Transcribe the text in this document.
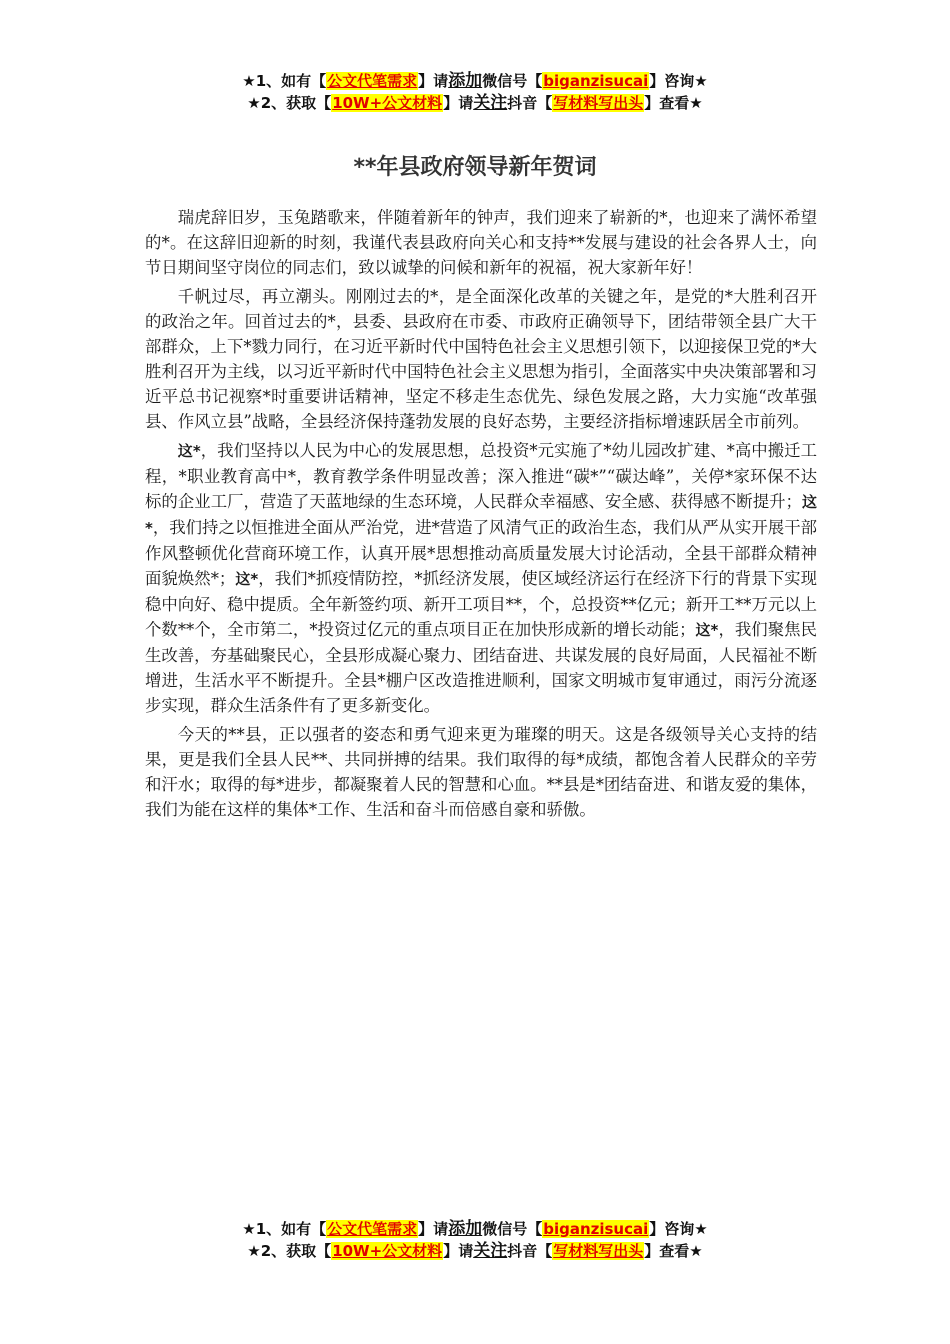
★1、如有【公文代笔需求】请添加微信号【biganzisucai】咨询★
★2、获取【10W+公文材料】请关注抖音【写材料写出头】查看★
**年县政府领导新年贺词

瑞虎辞旧岁，玉兔踏歌来，伴随着新年的钟声，我们迎来了崭新的*，也迎来了满怀希望的*。在这辞旧迎新的时刻，我谨代表县政府向关心和支持**发展与建设的社会各界人士，向节日期间坚守岗位的同志们，致以诚挚的问候和新年的祝福，祝大家新年好！

千帆过尽，再立潮头。刚刚过去的*，是全面深化改革的关键之年，是党的*大胜利召开的政治之年。回首过去的*，县委、县政府在市委、市政府正确领导下，团结带领全县广大干部群众，上下*戮力同行，在习近平新时代中国特色社会主义思想引领下，以迎接保卫党的*大胜利召开为主线，以习近平新时代中国特色社会主义思想为指引，全面落实中央决策部署和习近平总书记视察*时重要讲话精神，坚定不移走生态优先、绿色发展之路，大力实施“改革强县、作风立县”战略，全县经济保持蓬勃发展的良好态势，主要经济指标增速跃居全市前列。

这*，我们坚持以人民为中心的发展思想，总投资*元实施了*幼儿园改扩建、*高中搬迁工程，*职业教育高中*，教育教学条件明显改善；深入推进“碳*”“碳达峰”，关停*家环保不达标的企业工厂，营造了天蓝地绿的生态环境，人民群众幸福感、安全感、获得感不断提升；这*，我们持之以恒推进全面从严治党，进*营造了风清气正的政治生态，我们从严从实开展干部作风整顿优化营商环境工作，认真开展*思想推动高质量发展大讨论活动，全县干部群众精神面貌焕然*；这*，我们*抓疫情防控，*抓经济发展，使区域经济运行在经济下行的背景下实现稳中向好、稳中提质。全年新签约项、新开工项目**，个，总投资**亿元；新开工**万元以上个数**个，全市第二，*投资过亿元的重点项目正在加快形成新的增长动能；这*，我们聚焦民生改善，夯基础聚民心，全县形成凝心聚力、团结奋进、共谋发展的良好局面，人民福祉不断增进，生活水平不断提升。全县*棚户区改造推进顺利，国家文明城市复审通过，雨污分流逐步实现，群众生活条件有了更多新变化。

今天的**县，正以强者的姿态和勇气迎来更为璀璨的明天。这是各级领导关心支持的结果，更是我们全县人民**、共同拼搏的结果。我们取得的每*成绩，都饱含着人民群众的辛劳和汗水；取得的每*进步，都凝聚着人民的智慧和心血。**县是*团结奋进、和谐友爱的集体，我们为能在这样的集体*工作、生活和奋斗而倍感自豪和骄傲。

★1、如有【公文代笔需求】请添加微信号【biganzisucai】咨询★
★2、获取【10W+公文材料】请关注抖音【写材料写出头】查看★
